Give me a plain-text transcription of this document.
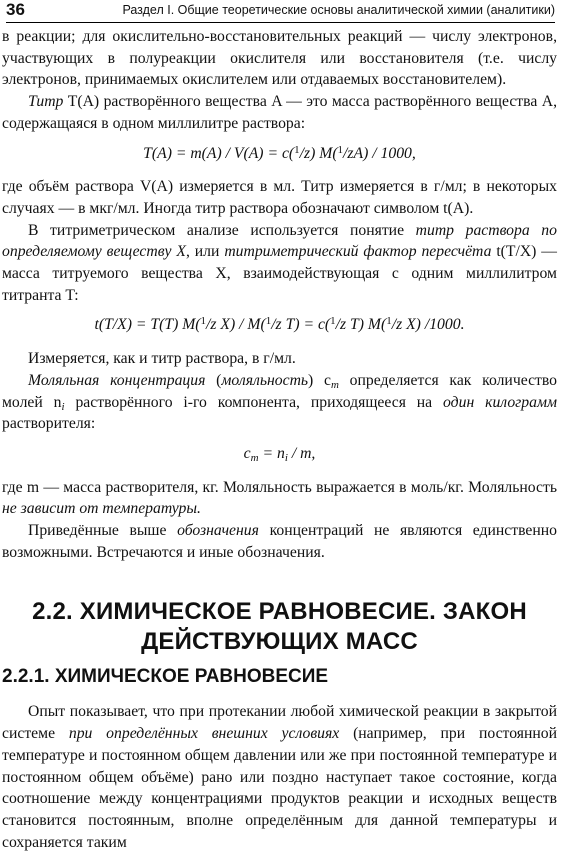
36	Раздел I. Общие теоретические основы аналитической химии (аналитики)

в реакции; для окислительно-восстановительных реакций — числу электронов, участвующих в полуреакции окислителя или восстановителя (т.е. числу электронов, принимаемых окислителем или отдаваемых восстановителем).

Титр T(A) растворённого вещества A — это масса растворённого вещества A, содержащаяся в одном миллилитре раствора:

T(A) = m(A) / V(A) = c($^1$/z) M($^1$/zA) / 1000,

где объём раствора V(A) измеряется в мл. Титр измеряется в г/мл; в некоторых случаях — в мкг/мл. Иногда титр раствора обозначают символом t(A).

В титриметрическом анализе используется понятие титр раствора по определяемому веществу X, или титриметрический фактор пересчёта t(T/X) — масса титруемого вещества X, взаимодействующая с одним миллилитром титранта T:

t(T/X) = T(T) M($^1$/z X) / M($^1$/z T) = c($^1$/z T) M($^1$/z X) /1000.

Измеряется, как и титр раствора, в г/мл.

Моляльная концентрация (моляльность) $c_m$ определяется как количество молей $n_i$ растворённого i-го компонента, приходящееся на один килограмм растворителя:

$c_m = n_i / m$,

где m — масса растворителя, кг. Моляльность выражается в моль/кг. Моляльность не зависит от температуры.

Приведённые выше обозначения концентраций не являются единственно возможными. Встречаются и иные обозначения.

2.2. ХИМИЧЕСКОЕ РАВНОВЕСИЕ. ЗАКОН ДЕЙСТВУЮЩИХ МАСС
2.2.1. ХИМИЧЕСКОЕ РАВНОВЕСИЕ

Опыт показывает, что при протекании любой химической реакции в закрытой системе при определённых внешних условиях (например, при постоянной температуре и постоянном общем давлении или же при постоянной температуре и постоянном общем объёме) рано или поздно наступает такое состояние, когда соотношение между концентрациями продуктов реакции и исходных веществ становится постоянным, вполне определённым для данной температуры и сохраняется таким
